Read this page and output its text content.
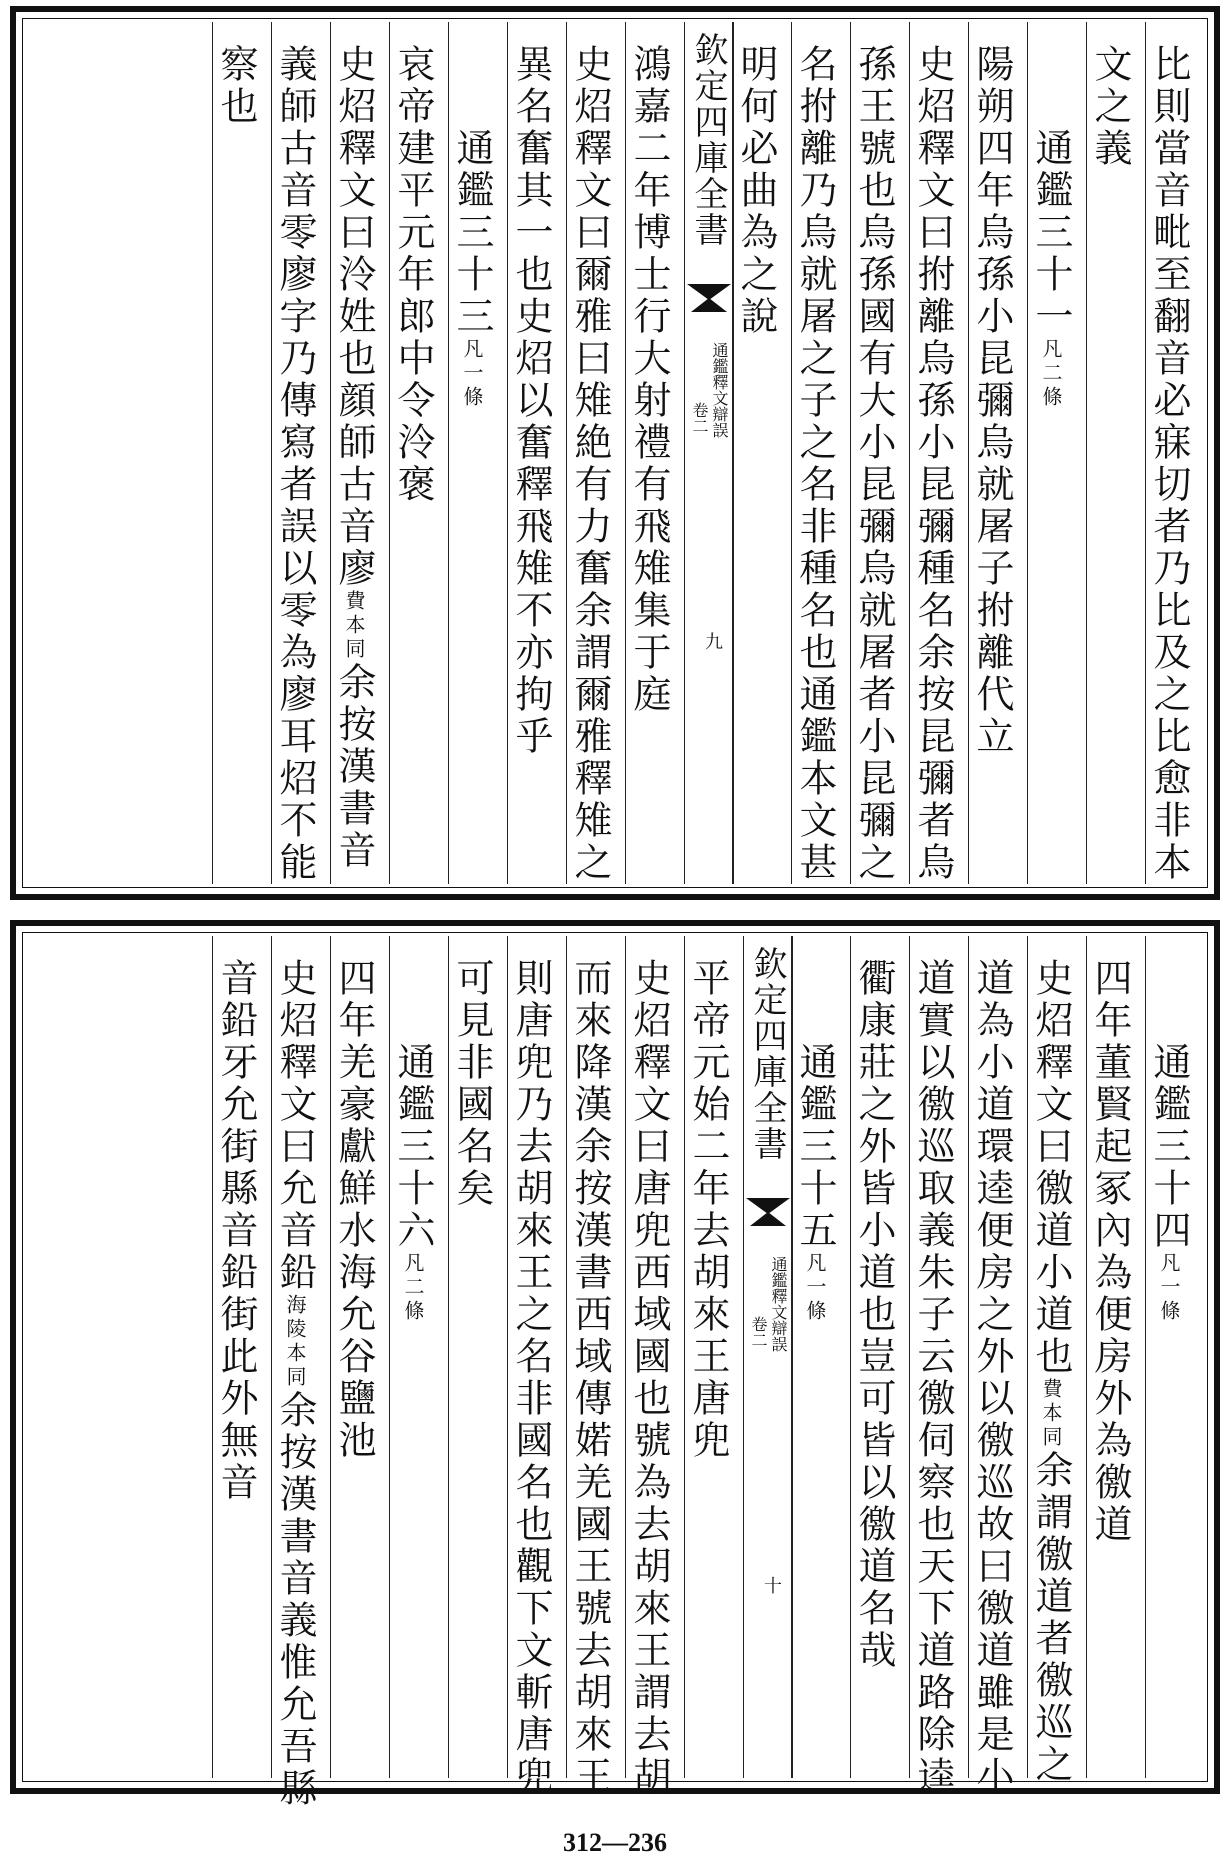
比則當音毗至翻音必寐切者乃比及之比愈非本
文之義
　　通鑑三十一凡二條
陽朔四年烏孫小昆彌烏就屠子拊離代立
史炤釋文曰拊離烏孫小昆彌種名余按昆彌者烏
孫王號也烏孫國有大小昆彌烏就屠者小昆彌之
名拊離乃烏就屠之子之名非種名也通鑑本文甚
明何必曲為之說
欽定四庫全書
通鑑釋文辯誤
卷二
九
鴻嘉二年博士行大射禮有飛雉集于庭
史炤釋文曰爾雅曰雉絶有力奮余謂爾雅釋雉之
異名奮其一也史炤以奮釋飛雉不亦拘乎
　　通鑑三十三凡一條
哀帝建平元年郎中令泠褒
史炤釋文曰泠姓也顔師古音廖費本同余按漢書音
義師古音零廖字乃傳寫者誤以零為廖耳炤不能
察也
　　通鑑三十四凡一條
四年董賢起冢內為便房外為徼道
史炤釋文曰徼道小道也費本同余謂徼道者徼巡之
道為小道環逵便房之外以徼巡故曰徼道雖是小
道實以徼巡取義朱子云徼伺察也天下道路除逵
衢康莊之外皆小道也豈可皆以徼道名哉
　　通鑑三十五凡一條
欽定四庫全書
通鑑釋文辯誤
卷二
十
平帝元始二年去胡來王唐兜
史炤釋文曰唐兜西域國也號為去胡來王謂去胡
而來降漢余按漢書西域傳婼羌國王號去胡來王
則唐兜乃去胡來王之名非國名也觀下文斬唐兜
可見非國名矣
　　通鑑三十六凡二條
四年羌豪獻鮮水海允谷鹽池
史炤釋文曰允音鉛海陵本同余按漢書音義惟允吾縣
音鉛牙允街縣音鉛街此外無音
312—236
